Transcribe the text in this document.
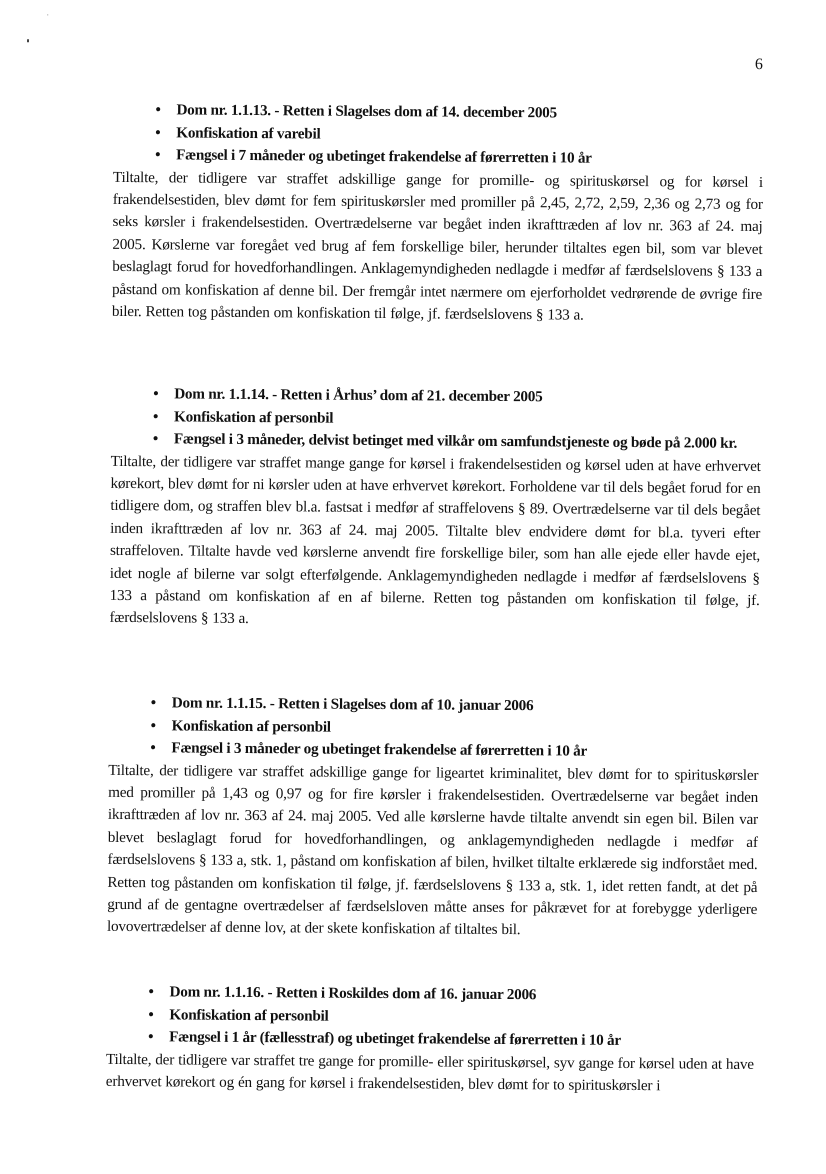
6
• Dom nr. 1.1.13. - Retten i Slagelses dom af 14. december 2005
• Konfiskation af varebil
• Fængsel i 7 måneder og ubetinget frakendelse af førerretten i 10 år

Tiltalte, der tidligere var straffet adskillige gange for promille- og spirituskørsel og for kørsel i frakendelsestiden, blev dømt for fem spirituskørsler med promiller på 2,45, 2,72, 2,59, 2,36 og 2,73 og for seks kørsler i frakendelsestiden. Overtrædelserne var begået inden ikrafttræden af lov nr. 363 af 24. maj 2005. Kørslerne var foregået ved brug af fem forskellige biler, herunder tiltaltes egen bil, som var blevet beslaglagt forud for hovedforhandlingen. Anklagemyndigheden nedlagde i medfør af færdselslovens § 133 a påstand om konfiskation af denne bil. Der fremgår intet nærmere om ejerforholdet vedrørende de øvrige fire biler. Retten tog påstanden om konfiskation til følge, jf. færdselslovens § 133 a.

• Dom nr. 1.1.14. - Retten i Århus’ dom af 21. december 2005
• Konfiskation af personbil
• Fængsel i 3 måneder, delvist betinget med vilkår om samfundstjeneste og bøde på 2.000 kr.

Tiltalte, der tidligere var straffet mange gange for kørsel i frakendelsestiden og kørsel uden at have erhvervet kørekort, blev dømt for ni kørsler uden at have erhvervet kørekort. Forholdene var til dels begået forud for en tidligere dom, og straffen blev bl.a. fastsat i medfør af straffelovens § 89. Overtrædelserne var til dels begået inden ikrafttræden af lov nr. 363 af 24. maj 2005. Tiltalte blev endvidere dømt for bl.a. tyveri efter straffeloven. Tiltalte havde ved kørslerne anvendt fire forskellige biler, som han alle ejede eller havde ejet, idet nogle af bilerne var solgt efterfølgende. Anklagemyndigheden nedlagde i medfør af færdselslovens § 133 a påstand om konfiskation af en af bilerne. Retten tog påstanden om konfiskation til følge, jf. færdselslovens § 133 a.

• Dom nr. 1.1.15. - Retten i Slagelses dom af 10. januar 2006
• Konfiskation af personbil
• Fængsel i 3 måneder og ubetinget frakendelse af førerretten i 10 år

Tiltalte, der tidligere var straffet adskillige gange for ligeartet kriminalitet, blev dømt for to spirituskørsler med promiller på 1,43 og 0,97 og for fire kørsler i frakendelsestiden. Overtrædelserne var begået inden ikrafttræden af lov nr. 363 af 24. maj 2005. Ved alle kørslerne havde tiltalte anvendt sin egen bil. Bilen var blevet beslaglagt forud for hovedforhandlingen, og anklagemyndigheden nedlagde i medfør af færdselslovens § 133 a, stk. 1, påstand om konfiskation af bilen, hvilket tiltalte erklærede sig indforstået med. Retten tog påstanden om konfiskation til følge, jf. færdselslovens § 133 a, stk. 1, idet retten fandt, at det på grund af de gentagne overtrædelser af færdselsloven måtte anses for påkrævet for at forebygge yderligere lovovertrædelser af denne lov, at der skete konfiskation af tiltaltes bil.

• Dom nr. 1.1.16. - Retten i Roskildes dom af 16. januar 2006
• Konfiskation af personbil
• Fængsel i 1 år (fællesstraf) og ubetinget frakendelse af førerretten i 10 år

Tiltalte, der tidligere var straffet tre gange for promille- eller spirituskørsel, syv gange for kørsel uden at have erhvervet kørekort og én gang for kørsel i frakendelsestiden, blev dømt for to spirituskørsler i
